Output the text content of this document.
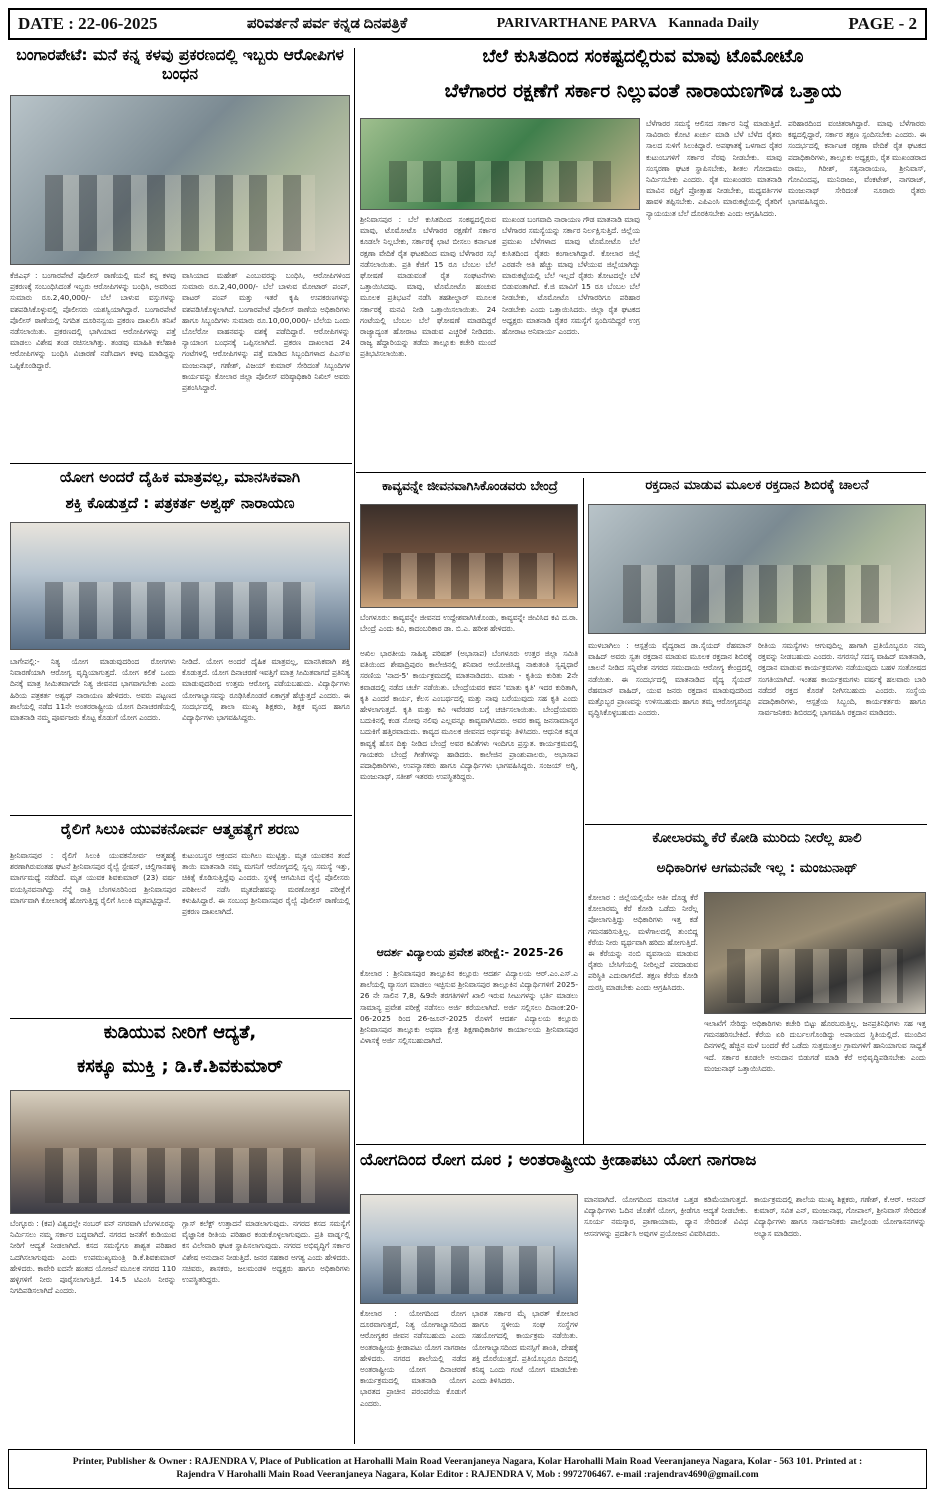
DATE : 22-06-2025	ಪರಿವರ್ತನೆ ಪರ್ವ ಕನ್ನಡ ದಿನಪತ್ರಿಕೆ	PARIVARTHANE PARVA Kannada Daily	PAGE - 2
ಬಂಗಾರಪೇಟೆ: ಮನೆ ಕನ್ನ ಕಳವು ಪ್ರಕರಣದಲ್ಲಿ ಇಬ್ಬರು ಆರೋಪಿಗಳ ಬಂಧನ
ಕೆಜಿಎಫ್ : ಬಂಗಾರಪೇಟೆ ಪೊಲೀಸ್ ಠಾಣೆಯಲ್ಲಿ ಮನೆ ಕನ್ನ ಕಳವು ಪ್ರಕರಣಕ್ಕೆ ಸಂಬಂಧಿಸಿದಂತೆ ಇಬ್ಬರು ಆರೋಪಿಗಳನ್ನು ಬಂಧಿಸಿ, ಅವರಿಂದ ಸುಮಾರು ರೂ.2,40,000/- ಬೆಲೆ ಬಾಳುವ ವಸ್ತುಗಳನ್ನು ವಶಪಡಿಸಿಕೊಳ್ಳುವಲ್ಲಿ ಪೊಲೀಸರು ಯಶಸ್ವಿಯಾಗಿದ್ದಾರೆ. ಬಂಗಾರಪೇಟೆ ಪೊಲೀಸ್ ಠಾಣೆಯಲ್ಲಿ ನಿಗದಿತ ದೂರಿನನ್ವಯ ಪ್ರಕರಣ ದಾಖಲಿಸಿ ತನಿಖೆ ನಡೆಸಲಾಯಿತು. ಪ್ರಕರಣದಲ್ಲಿ ಭಾಗಿಯಾದ ಆರೋಪಿಗಳನ್ನು ಪತ್ತೆ ಮಾಡಲು ವಿಶೇಷ ತಂಡ ರಚಿಸಲಾಗಿತ್ತು. ತಂಡವು ಮಾಹಿತಿ ಕಲೆಹಾಕಿ ಆರೋಪಿಗಳನ್ನು ಬಂಧಿಸಿ ವಿಚಾರಣೆ ನಡೆಸಿದಾಗ ಕಳವು ಮಾಡಿದ್ದನ್ನು ಒಪ್ಪಿಕೊಂಡಿದ್ದಾರೆ.
ವಾಸಿಯಾದ ಮಹೇಶ್ ಎಂಬುವರನ್ನು ಬಂಧಿಸಿ, ಆರೋಪಿಗಳಿಂದ ಸುಮಾರು ರೂ.2,40,000/- ಬೆಲೆ ಬಾಳುವ ಮೋಟಾರ್ ಪಂಪ್, ವಾಟರ್ ಪಂಪ್ ಮತ್ತು ಇತರೆ ಕೃಷಿ ಉಪಕರಣಗಳನ್ನು ವಶಪಡಿಸಿಕೊಳ್ಳಲಾಗಿದೆ. ಬಂಗಾರಪೇಟೆ ಪೊಲೀಸ್ ಠಾಣೆಯ ಅಧಿಕಾರಿಗಳು ಹಾಗೂ ಸಿಬ್ಬಂದಿಗಳು ಸುಮಾರು ರೂ.10,00,000/- ಬೆಲೆಯ ಒಂದು ಬೊಲೆರೋ ವಾಹನವನ್ನು ವಶಕ್ಕೆ ಪಡೆದಿದ್ದಾರೆ. ಆರೋಪಿಗಳನ್ನು ನ್ಯಾಯಾಂಗ ಬಂಧನಕ್ಕೆ ಒಪ್ಪಿಸಲಾಗಿದೆ. ಪ್ರಕರಣ ದಾಖಲಾದ 24 ಗಂಟೆಗಳಲ್ಲಿ ಆರೋಪಿಗಳನ್ನು ಪತ್ತೆ ಮಾಡಿದ ಸಿಬ್ಬಂದಿಗಳಾದ ಪಿಎಸ್ಐ ಮಂಜುನಾಥ್, ಗಣೇಶ್, ವಿಜಯ್ ಕುಮಾರ್ ಸೇರಿದಂತೆ ಸಿಬ್ಬಂದಿಗಳ ಕಾರ್ಯವನ್ನು ಕೋಲಾರ ಜಿಲ್ಲಾ ಪೊಲೀಸ್ ವರಿಷ್ಠಾಧಿಕಾರಿ ನಿಖಿಲ್ ಅವರು ಪ್ರಶಂಸಿಸಿದ್ದಾರೆ.
ಬೆಲೆ ಕುಸಿತದಿಂದ ಸಂಕಷ್ಟದಲ್ಲಿರುವ ಮಾವು ಟೊಮೋಟೊ
ಬೆಳೆಗಾರರ ರಕ್ಷಣೆಗೆ ಸರ್ಕಾರ ನಿಲ್ಲುವಂತೆ ನಾರಾಯಣಗೌಡ ಒತ್ತಾಯ
ಶ್ರೀನಿವಾಸಪುರ : ಬೆಲೆ ಕುಸಿತದಿಂದ ಸಂಕಷ್ಟದಲ್ಲಿರುವ ಮಾವು, ಟೊಮೋಟೊ ಬೆಳೆಗಾರರ ರಕ್ಷಣೆಗೆ ಸರ್ಕಾರ ಕೂಡಲೇ ನಿಲ್ಲಬೇಕು, ಸರ್ಕಾರಕ್ಕೆ ಛಾಟಿ ಬೀಸಲು ಕರ್ನಾಟಕ ರಕ್ಷಣಾ ವೇದಿಕೆ ರೈತ ಘಟಕದಿಂದ ಮಾವು ಬೆಳೆಗಾರರ ಸಭೆ ನಡೆಸಲಾಯಿತು. ಪ್ರತಿ ಕೆಜಿಗೆ 15 ರೂ ಬೆಂಬಲ ಬೆಲೆ ಘೋಷಣೆ ಮಾಡುವಂತೆ ರೈತ ಸಂಘಟನೆಗಳು ಒತ್ತಾಯಿಸಿದವು. ಮಾವು, ಟೊಮೋಟೊ ಹಂಚುವ ಮೂಲಕ ಪ್ರತಿಭಟನೆ ನಡೆಸಿ ತಹಶೀಲ್ದಾರ್ ಮೂಲಕ ಸರ್ಕಾರಕ್ಕೆ ಮನವಿ ನೀಡಿ ಒತ್ತಾಯಿಸಲಾಯಿತು. 24 ಗಂಟೆಯಲ್ಲಿ ಬೆಂಬಲ ಬೆಲೆ ಘೋಷಣೆ ಮಾಡದಿದ್ದರೆ ರಾಜ್ಯಾದ್ಯಂತ ಹೋರಾಟ ಮಾಡುವ ಎಚ್ಚರಿಕೆ ನೀಡಿದರು. ರಾಜ್ಯ ಹೆದ್ದಾರಿಯನ್ನು ತಡೆದು ತಾಲ್ಲೂಕು ಕಚೇರಿ ಮುಂದೆ ಪ್ರತಿಭಟಿಸಲಾಯಿತು.
ಮುಖಂಡ ಬಂಗವಾದಿ ನಾರಾಯಣ ಗೌಡ ಮಾತನಾಡಿ ಮಾವು ಬೆಳೆಗಾರರ ಸಮಸ್ಯೆಯನ್ನು ಸರ್ಕಾರ ನಿರ್ಲಕ್ಷಿಸುತ್ತಿದೆ. ಜಿಲ್ಲೆಯ ಪ್ರಮುಖ ಬೆಳೆಗಳಾದ ಮಾವು ಟೊಮೋಟೊ ಬೆಲೆ ಕುಸಿತದಿಂದ ರೈತರು ಕಂಗಾಲಾಗಿದ್ದಾರೆ. ಕೋಲಾರ ಜಿಲ್ಲೆ ಎರಡನೇ ಅತಿ ಹೆಚ್ಚು ಮಾವು ಬೆಳೆಯುವ ಜಿಲ್ಲೆಯಾಗಿದ್ದು ಮಾರುಕಟ್ಟೆಯಲ್ಲಿ ಬೆಲೆ ಇಲ್ಲದೆ ರೈತರು ತೋಟದಲ್ಲೇ ಬೆಳೆ ಬಿಡುವಂತಾಗಿದೆ. ಕೆ.ಜಿ ಮಾವಿಗೆ 15 ರೂ ಬೆಂಬಲ ಬೆಲೆ ನೀಡಬೇಕು, ಟೊಮೋಟೊ ಬೆಳೆಗಾರರಿಗೂ ಪರಿಹಾರ ನೀಡಬೇಕು ಎಂದು ಒತ್ತಾಯಿಸಿದರು. ಜಿಲ್ಲಾ ರೈತ ಘಟಕದ ಅಧ್ಯಕ್ಷರು ಮಾತನಾಡಿ ರೈತರ ಸಮಸ್ಯೆಗೆ ಸ್ಪಂದಿಸದಿದ್ದರೆ ಉಗ್ರ ಹೋರಾಟ ಅನಿವಾರ್ಯ ಎಂದರು.
ಬೆಳೆಗಾರರ ಸಮಸ್ಯೆ ಆಲಿಸದ ಸರ್ಕಾರ ನಿದ್ದೆ ಮಾಡುತ್ತಿದೆ. ಸಾವಿರಾರು ಕೋಟಿ ಖರ್ಚು ಮಾಡಿ ಬೆಳೆ ಬೆಳೆದ ರೈತರು ಸಾಲದ ಸುಳಿಗೆ ಸಿಲುಕಿದ್ದಾರೆ. ಅಪಘಾತಕ್ಕೆ ಒಳಗಾದ ರೈತರ ಕುಟುಂಬಗಳಿಗೆ ಸರ್ಕಾರ ನೆರವು ನೀಡಬೇಕು. ಮಾವು ಸಂಸ್ಕರಣಾ ಘಟಕ ಸ್ಥಾಪಿಸಬೇಕು, ಶೀತಲ ಗೋದಾಮು ನಿರ್ಮಿಸಬೇಕು ಎಂದರು. ರೈತ ಮುಖಂಡರು ಮಾತನಾಡಿ ಮಾವಿನ ರಫ್ತಿಗೆ ಪ್ರೋತ್ಸಾಹ ನೀಡಬೇಕು, ಮಧ್ಯವರ್ತಿಗಳ ಹಾವಳಿ ತಪ್ಪಿಸಬೇಕು. ಎಪಿಎಂಸಿ ಮಾರುಕಟ್ಟೆಯಲ್ಲಿ ರೈತರಿಗೆ ನ್ಯಾಯಯುತ ಬೆಲೆ ದೊರಕಿಸಬೇಕು ಎಂದು ಆಗ್ರಹಿಸಿದರು.
ಪರಿಹಾರದಿಂದ ವಂಚಿತರಾಗಿದ್ದಾರೆ. ಮಾವು ಬೆಳೆಗಾರರು ಕಷ್ಟದಲ್ಲಿದ್ದಾರೆ, ಸರ್ಕಾರ ತಕ್ಷಣ ಸ್ಪಂದಿಸಬೇಕು ಎಂದರು. ಈ ಸಂದರ್ಭದಲ್ಲಿ ಕರ್ನಾಟಕ ರಕ್ಷಣಾ ವೇದಿಕೆ ರೈತ ಘಟಕದ ಪದಾಧಿಕಾರಿಗಳು, ತಾಲ್ಲೂಕು ಅಧ್ಯಕ್ಷರು, ರೈತ ಮುಖಂಡರಾದ ರಾಮು, ಗಿರೀಶ್, ಸತ್ಯನಾರಾಯಣ, ಶ್ರೀನಿವಾಸ್, ಗೋವಿಂದಪ್ಪ, ಮುನಿರಾಜು, ವೆಂಕಟೇಶ್, ನಾಗರಾಜ್, ಮಂಜುನಾಥ್ ಸೇರಿದಂತೆ ನೂರಾರು ರೈತರು ಭಾಗವಹಿಸಿದ್ದರು.
ಯೋಗ ಅಂದರೆ ದೈಹಿಕ ಮಾತ್ರವಲ್ಲ, ಮಾನಸಿಕವಾಗಿ
ಶಕ್ತಿ ಕೊಡುತ್ತದೆ : ಪತ್ರಕರ್ತ ಅಶ್ವಥ್ ನಾರಾಯಣ
ಬಾಗೇಪಲ್ಲಿ:- ನಿತ್ಯ ಯೋಗ ಮಾಡುವುದರಿಂದ ರೋಗಗಳು ನಿವಾರಣೆಯಾಗಿ ಆರೋಗ್ಯ ವೃದ್ಧಿಯಾಗುತ್ತದೆ. ಯೋಗ ಕಲಿಕೆ ಒಂದು ದಿನಕ್ಕೆ ಮಾತ್ರ ಸೀಮಿತವಾಗದೇ ನಿತ್ಯ ಜೀವನದ ಭಾಗವಾಗಬೇಕು ಎಂದು ಹಿರಿಯ ಪತ್ರಕರ್ತ ಅಶ್ವಥ್ ನಾರಾಯಣ ಹೇಳಿದರು. ಅವರು ಪಟ್ಟಣದ ಶಾಲೆಯಲ್ಲಿ ನಡೆದ 11ನೇ ಅಂತರರಾಷ್ಟ್ರೀಯ ಯೋಗ ದಿನಾಚರಣೆಯಲ್ಲಿ ಮಾತನಾಡಿ ನಮ್ಮ ಪೂರ್ವಜರು ಕೊಟ್ಟ ಕೊಡುಗೆ ಯೋಗ ಎಂದರು.
ನೀಡಿದೆ. ಯೋಗ ಅಂದರೆ ದೈಹಿಕ ಮಾತ್ರವಲ್ಲ, ಮಾನಸಿಕವಾಗಿ ಶಕ್ತಿ ಕೊಡುತ್ತದೆ. ಯೋಗ ದಿನಾಚರಣೆ ಇವತ್ತಿಗೆ ಮಾತ್ರ ಸೀಮಿತವಾಗದೆ ಪ್ರತಿನಿತ್ಯ ಮಾಡುವುದರಿಂದ ಉತ್ತಮ ಆರೋಗ್ಯ ಪಡೆಯಬಹುದು. ವಿದ್ಯಾರ್ಥಿಗಳು ಯೋಗಾಭ್ಯಾಸವನ್ನು ರೂಢಿಸಿಕೊಂಡರೆ ಏಕಾಗ್ರತೆ ಹೆಚ್ಚುತ್ತದೆ ಎಂದರು. ಈ ಸಂದರ್ಭದಲ್ಲಿ ಶಾಲಾ ಮುಖ್ಯ ಶಿಕ್ಷಕರು, ಶಿಕ್ಷಕ ವೃಂದ ಹಾಗೂ ವಿದ್ಯಾರ್ಥಿಗಳು ಭಾಗವಹಿಸಿದ್ದರು.
ರೈಲಿಗೆ ಸಿಲುಕಿ ಯುವಕನೋರ್ವ ಆತ್ಮಹತ್ಯೆಗೆ ಶರಣು
ಶ್ರೀನಿವಾಸಪುರ : ರೈಲಿಗೆ ಸಿಲುಕಿ ಯುವಕನೋರ್ವ ಆತ್ಮಹತ್ಯೆ ಶರಣಾಗಿರುವಂತಹ ಘಟನೆ ಶ್ರೀನಿವಾಸಪುರ ರೈಲ್ವೆ ಸ್ಟೇಷನ್, ಚಲ್ದಿಗಾನಹಳ್ಳಿ ಮಾರ್ಗಮಧ್ಯೆ ನಡೆದಿದೆ. ಮೃತ ಯುವಕ ಶಿವಕುಮಾರ್ (23) ವರ್ಷ ವಯಸ್ಸಿನವನಾಗಿದ್ದು ನೆನ್ನೆ ರಾತ್ರಿ ಬೆಂಗಳೂರಿನಿಂದ ಶ್ರೀನಿವಾಸಪುರ ಮಾರ್ಗವಾಗಿ ಕೋಲಾರಕ್ಕೆ ಹೋಗುತ್ತಿದ್ದ ರೈಲಿಗೆ ಸಿಲುಕಿ ಮೃತಪಟ್ಟಿದ್ದಾನೆ.
ಕುಟುಂಬಸ್ಥರ ಆಕ್ರಂದನ ಮುಗಿಲು ಮುಟ್ಟಿತ್ತು. ಮೃತ ಯುವಕನ ತಂದೆ ತಾಯಿ ಮಾತನಾಡಿ ನಮ್ಮ ಮಗನಿಗೆ ಆರೋಗ್ಯದಲ್ಲಿ ಸ್ವಲ್ಪ ಸಮಸ್ಯೆ ಇತ್ತು, ಚಿಕಿತ್ಸೆ ಕೊಡಿಸುತ್ತಿದ್ದೆವು ಎಂದರು. ಸ್ಥಳಕ್ಕೆ ಆಗಮಿಸಿದ ರೈಲ್ವೆ ಪೊಲೀಸರು ಪರಿಶೀಲನೆ ನಡೆಸಿ ಮೃತದೇಹವನ್ನು ಮರಣೋತ್ತರ ಪರೀಕ್ಷೆಗೆ ಕಳುಹಿಸಿದ್ದಾರೆ. ಈ ಸಂಬಂಧ ಶ್ರೀನಿವಾಸಪುರ ರೈಲ್ವೆ ಪೊಲೀಸ್ ಠಾಣೆಯಲ್ಲಿ ಪ್ರಕರಣ ದಾಖಲಾಗಿದೆ.
ಕುಡಿಯುವ ನೀರಿಗೆ ಆದ್ಯತೆ,
ಕಸಕ್ಕೂ ಮುಕ್ತಿ ; ಡಿ.ಕೆ.ಶಿವಕುಮಾರ್
ಬೆಂಗ್ಳೂರು : (ಕಪ) ವಿಶ್ವದಲ್ಲೇ ನಂಬರ್ ವನ್ ನಗರವಾಗಿ ಬೆಂಗಳೂರನ್ನು ನಿರ್ಮಿಸಲು ನಮ್ಮ ಸರ್ಕಾರ ಬದ್ಧವಾಗಿದೆ. ನಗರದ ಜನತೆಗೆ ಕುಡಿಯುವ ನೀರಿಗೆ ಆದ್ಯತೆ ನೀಡಲಾಗಿದೆ. ಕಸದ ಸಮಸ್ಯೆಗೂ ಶಾಶ್ವತ ಪರಿಹಾರ ಒದಗಿಸಲಾಗುವುದು ಎಂದು ಉಪಮುಖ್ಯಮಂತ್ರಿ ಡಿ.ಕೆ.ಶಿವಕುಮಾರ್ ಹೇಳಿದರು. ಕಾವೇರಿ ಐದನೇ ಹಂತದ ಯೋಜನೆ ಮೂಲಕ ನಗರದ 110 ಹಳ್ಳಿಗಳಿಗೆ ನೀರು ಪೂರೈಸಲಾಗುತ್ತಿದೆ. 14.5 ಟಿಎಂಸಿ ನೀರನ್ನು ನಿಗದಿಪಡಿಸಲಾಗಿದೆ ಎಂದರು.
ಗ್ಲಾಸ್ ಕಲೆಕ್ಟ್ ಉತ್ತಾದನೆ ಮಾಡಲಾಗುವುದು. ನಗರದ ಕಸದ ಸಮಸ್ಯೆಗೆ ವೈಜ್ಞಾನಿಕ ರೀತಿಯ ಪರಿಹಾರ ಕಂಡುಕೊಳ್ಳಲಾಗುವುದು. ಪ್ರತಿ ವಾರ್ಡ್ನಲ್ಲಿ ಕಸ ವಿಲೇವಾರಿ ಘಟಕ ಸ್ಥಾಪಿಸಲಾಗುವುದು. ನಗರದ ಅಭಿವೃದ್ಧಿಗೆ ಸರ್ಕಾರ ವಿಶೇಷ ಅನುದಾನ ನೀಡುತ್ತಿದೆ. ಜನರ ಸಹಕಾರ ಅಗತ್ಯ ಎಂದು ಹೇಳಿದರು. ಸಚಿವರು, ಶಾಸಕರು, ಜಲಮಂಡಳಿ ಅಧ್ಯಕ್ಷರು ಹಾಗೂ ಅಧಿಕಾರಿಗಳು ಉಪಸ್ಥಿತರಿದ್ದರು.
ಕಾವ್ಯವನ್ನೇ ಜೀವನವಾಗಿಸಿಕೊಂಡವರು ಬೇಂದ್ರೆ
ಬೆಂಗಳೂರು: ಕಾವ್ಯವನ್ನೇ ಜೀವನದ ಉದ್ದೇಶವಾಗಿಸಿಕೊಂಡು, ಕಾವ್ಯವನ್ನೇ ಜೀವಿಸಿದ ಕವಿ ದ.ರಾ. ಬೇಂದ್ರೆ ಎಂದು ಕವಿ, ಕಾದಂಬರಿಕಾರ ಡಾ. ಬಿ.ಎ. ಹರೀಶ ಹೇಳಿದರು.
ಅಖಿಲ ಭಾರತೀಯ ಸಾಹಿತ್ಯ ಪರಿಷತ್ (ಅಭಾಸಾಪ) ಬೆಂಗಳೂರು ಉತ್ತರ ಜಿಲ್ಲಾ ಸಮಿತಿ ವತಿಯಿಂದ ಶೇಷಾದ್ರಿಪುರಂ ಕಾಲೇಜಿನಲ್ಲಿ ಶನಿವಾರ ಆಯೋಜಿಸಿದ್ದ ನಾಕುತಂತಿ ಸ್ವಪ್ನಧಾರೆ ಸರಣಿಯ 'ನಾದ-5' ಕಾರ್ಯಕ್ರಮದಲ್ಲಿ ಮಾತನಾಡಿದರು. ಮಾತು - ಕೃತಿಯ ಕುರಿತು 2ನೇ ಕವಾಡದಲ್ಲಿ ನಡೆದ ಚರ್ಚೆ ನಡೆಯಿತು. ಬೇಂದ್ರೆಯವರ ಕವನ 'ಮಾತು ಕೃತಿ' ಇದರ ಕುರಿತಾಗಿ, ಕೃತಿ ಎಂದರೆ ಕಾರ್ಯ, ಕೆಲಸ ಎಂಬರ್ಥದಲ್ಲಿ ಮತ್ತು ನಾವು ಬರೆಯುವುದು ಸಹ ಕೃತಿ ಎಂದು ಹೇಳಲಾಗುತ್ತದೆ. ಕೃತಿ ಮತ್ತು ಕವಿ ಇವೆರಡರ ಬಗ್ಗೆ ಚರ್ಚಿಸಲಾಯಿತು. ಬೇಂದ್ರೆಯವರು ಬದುಕಿನಲ್ಲಿ ಕಂಡ ನೋವು ನಲಿವು ಎಲ್ಲವನ್ನೂ ಕಾವ್ಯವಾಗಿಸಿದರು. ಅವರ ಕಾವ್ಯ ಜನಸಾಮಾನ್ಯರ ಬದುಕಿಗೆ ಹತ್ತಿರವಾದುದು. ಕಾವ್ಯದ ಮೂಲಕ ಜೀವನದ ಅರ್ಥವನ್ನು ತಿಳಿಸಿದರು. ಆಧುನಿಕ ಕನ್ನಡ ಕಾವ್ಯಕ್ಕೆ ಹೊಸ ದಿಕ್ಕು ನೀಡಿದ ಬೇಂದ್ರೆ ಅವರ ಕವಿತೆಗಳು ಇಂದಿಗೂ ಪ್ರಸ್ತುತ. ಕಾರ್ಯಕ್ರಮದಲ್ಲಿ ಗಾಯಕರು ಬೇಂದ್ರೆ ಗೀತೆಗಳನ್ನು ಹಾಡಿದರು. ಕಾಲೇಜಿನ ಪ್ರಾಂಶುಪಾಲರು, ಅಭಾಸಾಪ ಪದಾಧಿಕಾರಿಗಳು, ಉಪನ್ಯಾಸಕರು ಹಾಗೂ ವಿದ್ಯಾರ್ಥಿಗಳು ಭಾಗವಹಿಸಿದ್ದರು. ಸಂಜಯ್ ಅಗ್ನಿ, ಮಂಜುನಾಥ್, ಸತೀಶ್ ಇತರರು ಉಪಸ್ಥಿತರಿದ್ದರು.
ಆದರ್ಶ ವಿದ್ಯಾಲಯ ಪ್ರವೇಶ ಪರೀಕ್ಷೆ:- 2025-26
ಕೋಲಾರ : ಶ್ರೀನಿವಾಸಪುರ ತಾಲ್ಲೂಕಿನ ಕಲ್ಲೂರು ಆದರ್ಶ ವಿದ್ಯಾಲಯ ಆರ್.ಎಂ.ಎಸ್.ಎ ಶಾಲೆಯಲ್ಲಿ ವ್ಯಾಸಂಗ ಮಾಡಲು ಇಚ್ಛಿಸುವ ಶ್ರೀನಿವಾಸಪುರ ತಾಲ್ಲೂಕಿನ ವಿದ್ಯಾರ್ಥಿಗಳಿಗೆ 2025-26 ನೇ ಸಾಲಿನ 7,8, &9ನೇ ತರಗತಿಗಳಿಗೆ ಖಾಲಿ ಇರುವ ಸೀಟುಗಳನ್ನು ಭರ್ತಿ ಮಾಡಲು ಸಾಮಾನ್ಯ ಪ್ರವೇಶ ಪರೀಕ್ಷೆ ನಡೆಸಲು ಅರ್ಜಿ ಕರೆಯಲಾಗಿದೆ. ಅರ್ಜಿ ಸಲ್ಲಿಸಲು ದಿನಾಂಕ:20-06-2025 ರಿಂದ 26-ಜೂನ್-2025 ರೊಳಗೆ ಆದರ್ಶ ವಿದ್ಯಾಲಯ ಕಲ್ಲೂರು ಶ್ರೀನಿವಾಸಪುರ ತಾಲ್ಲೂಕು ಅಥವಾ ಕ್ಷೇತ್ರ ಶಿಕ್ಷಣಾಧಿಕಾರಿಗಳ ಕಾರ್ಯಾಲಯ ಶ್ರೀನಿವಾಸಪುರ ವಿಳಾಸಕ್ಕೆ ಅರ್ಜಿ ಸಲ್ಲಿಸಬಹುದಾಗಿದೆ.
ರಕ್ತದಾನ ಮಾಡುವ ಮೂಲಕ ರಕ್ತದಾನ ಶಿಬಿರಕ್ಕೆ ಚಾಲನೆ
ಮುಳಬಾಗಿಲು : ಆಸ್ಪತ್ರೆಯ ವೈದ್ಯರಾದ ಡಾ.ಸೈಯದ್ ರೆಹಮಾನ್ ವಾಹಿದ್ ಅವರು ಸ್ವತಃ ರಕ್ತದಾನ ಮಾಡುವ ಮೂಲಕ ರಕ್ತದಾನ ಶಿಬಿರಕ್ಕೆ ಚಾಲನೆ ನೀಡಿದ ಸನ್ನಿವೇಶ ನಗರದ ಸಮುದಾಯ ಆರೋಗ್ಯ ಕೇಂದ್ರದಲ್ಲಿ ನಡೆಯಿತು. ಈ ಸಂದರ್ಭದಲ್ಲಿ ಮಾತನಾಡಿದ ವೈದ್ಯ ಸೈಯದ್ ರೆಹಮಾನ್ ವಾಹಿದ್, ಯುವ ಜನರು ರಕ್ತದಾನ ಮಾಡುವುದರಿಂದ ಮತ್ತೊಬ್ಬರ ಪ್ರಾಣವನ್ನು ಉಳಿಸಬಹುದು ಹಾಗೂ ತಮ್ಮ ಆರೋಗ್ಯವನ್ನೂ ವೃದ್ಧಿಸಿಕೊಳ್ಳಬಹುದು ಎಂದರು.
ರೀತಿಯ ಸಮಸ್ಯೆಗಳು ಆಗುವುದಿಲ್ಲ ಹಾಗಾಗಿ ಪ್ರತಿಯೊಬ್ಬರೂ ನಮ್ಮ ರಕ್ತವನ್ನು ನೀಡಬಹುದು ಎಂದರು. ನಗರಸಭೆ ಸದಸ್ಯ ವಾಹಿದ್ ಮಾತನಾಡಿ, ರಕ್ತದಾನ ಮಾಡುವ ಕಾರ್ಯಕ್ರಮಗಳು ನಡೆಯುವುದು ಬಹಳ ಸಂತೋಷದ ಸಂಗತಿಯಾಗಿದೆ. ಇಂತಹ ಕಾರ್ಯಕ್ರಮಗಳು ವರ್ಷಕ್ಕೆ ಹಲವಾರು ಬಾರಿ ನಡೆದರೆ ರಕ್ತದ ಕೊರತೆ ನೀಗಿಸಬಹುದು ಎಂದರು. ಸಂಸ್ಥೆಯ ಪದಾಧಿಕಾರಿಗಳು, ಆಸ್ಪತ್ರೆಯ ಸಿಬ್ಬಂದಿ, ಕಾರ್ಯಕರ್ತರು ಹಾಗೂ ಸಾರ್ವಜನಿಕರು ಶಿಬಿರದಲ್ಲಿ ಭಾಗವಹಿಸಿ ರಕ್ತದಾನ ಮಾಡಿದರು.
ಕೋಲಾರಮ್ಮ ಕೆರೆ ಕೋಡಿ ಮುರಿದು ನೀರೆಲ್ಲ ಖಾಲಿ
ಅಧಿಕಾರಿಗಳ ಆಗಮನವೇ ಇಲ್ಲ : ಮಂಜುನಾಥ್
ಕೋಲಾರ : ಜಿಲ್ಲೆಯಲ್ಲಿಯೇ ಅತೀ ದೊಡ್ಡ ಕೆರೆ ಕೋಲಾರಮ್ಮ ಕೆರೆ ಕೋಡಿ ಒಡೆದು ನೀರೆಲ್ಲ ಪೋಲಾಗುತ್ತಿದ್ದು ಅಧಿಕಾರಿಗಳು ಇತ್ತ ಕಡೆ ಗಮನಹರಿಸುತ್ತಿಲ್ಲ. ಮಳೆಗಾಲದಲ್ಲಿ ತುಂಬಿದ್ದ ಕೆರೆಯ ನೀರು ವ್ಯರ್ಥವಾಗಿ ಹರಿದು ಹೋಗುತ್ತಿದೆ. ಈ ಕೆರೆಯನ್ನು ನಂಬಿ ವ್ಯವಸಾಯ ಮಾಡುವ ರೈತರು ಬೇಸಿಗೆಯಲ್ಲಿ ನೀರಿಲ್ಲದೆ ಪರದಾಡುವ ಪರಿಸ್ಥಿತಿ ಎದುರಾಗಲಿದೆ. ತಕ್ಷಣ ಕೆರೆಯ ಕೋಡಿ ದುರಸ್ತಿ ಮಾಡಬೇಕು ಎಂದು ಆಗ್ರಹಿಸಿದರು.
ಇಲಾಖೆಗೆ ಸೇರಿದ್ದು ಅಧಿಕಾರಿಗಳು ಕಚೇರಿ ಬಿಟ್ಟು ಹೊರಬರುತ್ತಿಲ್ಲ. ಜನಪ್ರತಿನಿಧಿಗಳು ಸಹ ಇತ್ತ ಗಮನಹರಿಸಬೇಕಿದೆ. ಕೆರೆಯ ಏರಿ ದುರ್ಬಲಗೊಂಡಿದ್ದು ಅಪಾಯದ ಸ್ಥಿತಿಯಲ್ಲಿದೆ. ಮುಂದಿನ ದಿನಗಳಲ್ಲಿ ಹೆಚ್ಚಿನ ಮಳೆ ಬಂದರೆ ಕೆರೆ ಒಡೆದು ಸುತ್ತಮುತ್ತಲ ಗ್ರಾಮಗಳಿಗೆ ಹಾನಿಯಾಗುವ ಸಾಧ್ಯತೆ ಇದೆ. ಸರ್ಕಾರ ಕೂಡಲೇ ಅನುದಾನ ಬಿಡುಗಡೆ ಮಾಡಿ ಕೆರೆ ಅಭಿವೃದ್ಧಿಪಡಿಸಬೇಕು ಎಂದು ಮಂಜುನಾಥ್ ಒತ್ತಾಯಿಸಿದರು.
ಯೋಗದಿಂದ ರೋಗ ದೂರ ; ಅಂತರಾಷ್ಟ್ರೀಯ ಕ್ರೀಡಾಪಟು ಯೋಗ ನಾಗರಾಜ
ಕೋಲಾರ : ಯೋಗದಿಂದ ರೋಗ ದೂರವಾಗುತ್ತದೆ, ನಿತ್ಯ ಯೋಗಾಭ್ಯಾಸದಿಂದ ಆರೋಗ್ಯಕರ ಜೀವನ ನಡೆಸಬಹುದು ಎಂದು ಅಂತರಾಷ್ಟ್ರೀಯ ಕ್ರೀಡಾಪಟು ಯೋಗ ನಾಗರಾಜ ಹೇಳಿದರು. ನಗರದ ಶಾಲೆಯಲ್ಲಿ ನಡೆದ ಅಂತರಾಷ್ಟ್ರೀಯ ಯೋಗ ದಿನಾಚರಣೆ ಕಾರ್ಯಕ್ರಮದಲ್ಲಿ ಮಾತನಾಡಿ ಯೋಗ ಭಾರತದ ಪ್ರಾಚೀನ ಪರಂಪರೆಯ ಕೊಡುಗೆ ಎಂದರು.
ಭಾರತ ಸರ್ಕಾರ ಮೈ ಭಾರತ್ ಕೋಲಾರ ಹಾಗೂ ಸ್ಥಳೀಯ ಸಂಘ ಸಂಸ್ಥೆಗಳ ಸಹಯೋಗದಲ್ಲಿ ಕಾರ್ಯಕ್ರಮ ನಡೆಯಿತು. ಯೋಗಾಭ್ಯಾಸದಿಂದ ಮನಸ್ಸಿಗೆ ಶಾಂತಿ, ದೇಹಕ್ಕೆ ಶಕ್ತಿ ದೊರೆಯುತ್ತದೆ. ಪ್ರತಿಯೊಬ್ಬರೂ ದಿನದಲ್ಲಿ ಕನಿಷ್ಠ ಒಂದು ಗಂಟೆ ಯೋಗ ಮಾಡಬೇಕು ಎಂದು ತಿಳಿಸಿದರು.
ಮಾನವಾಗಿದೆ. ಯೋಗದಿಂದ ಮಾನಸಿಕ ಒತ್ತಡ ಕಡಿಮೆಯಾಗುತ್ತದೆ. ವಿದ್ಯಾರ್ಥಿಗಳು ಓದಿನ ಜೊತೆಗೆ ಯೋಗ, ಕ್ರೀಡೆಗೂ ಆದ್ಯತೆ ನೀಡಬೇಕು. ಸೂರ್ಯ ನಮಸ್ಕಾರ, ಪ್ರಾಣಾಯಾಮ, ಧ್ಯಾನ ಸೇರಿದಂತೆ ವಿವಿಧ ಆಸನಗಳನ್ನು ಪ್ರದರ್ಶಿಸಿ ಅವುಗಳ ಪ್ರಯೋಜನ ವಿವರಿಸಿದರು.
ಕಾರ್ಯಕ್ರಮದಲ್ಲಿ ಶಾಲೆಯ ಮುಖ್ಯ ಶಿಕ್ಷಕರು, ಗಣೇಶ್, ಕೆ.ಆರ್. ಆನಂದ್ ಕುಮಾರ್, ಸವಿತ ಎನ್, ಮಂಜುನಾಥ, ಗೋಪಾಲ್, ಶ್ರೀನಿವಾಸ್ ಸೇರಿದಂತೆ ವಿದ್ಯಾರ್ಥಿಗಳು ಹಾಗೂ ಸಾರ್ವಜನಿಕರು ಪಾಲ್ಗೊಂಡು ಯೋಗಾಸನಗಳನ್ನು ಅಭ್ಯಾಸ ಮಾಡಿದರು.
Printer, Publisher & Owner : RAJENDRA V, Place of Publication at Harohalli Main Road Veeranjaneya Nagara, Kolar Harohalli Main Road Veeranjaneya Nagara, Kolar - 563 101. Printed at :
Rajendra V Harohalli Main Road Veeranjaneya Nagara, Kolar Editor : RAJENDRA V, Mob : 9972706467. e-mail :rajendrav4690@gmail.com
